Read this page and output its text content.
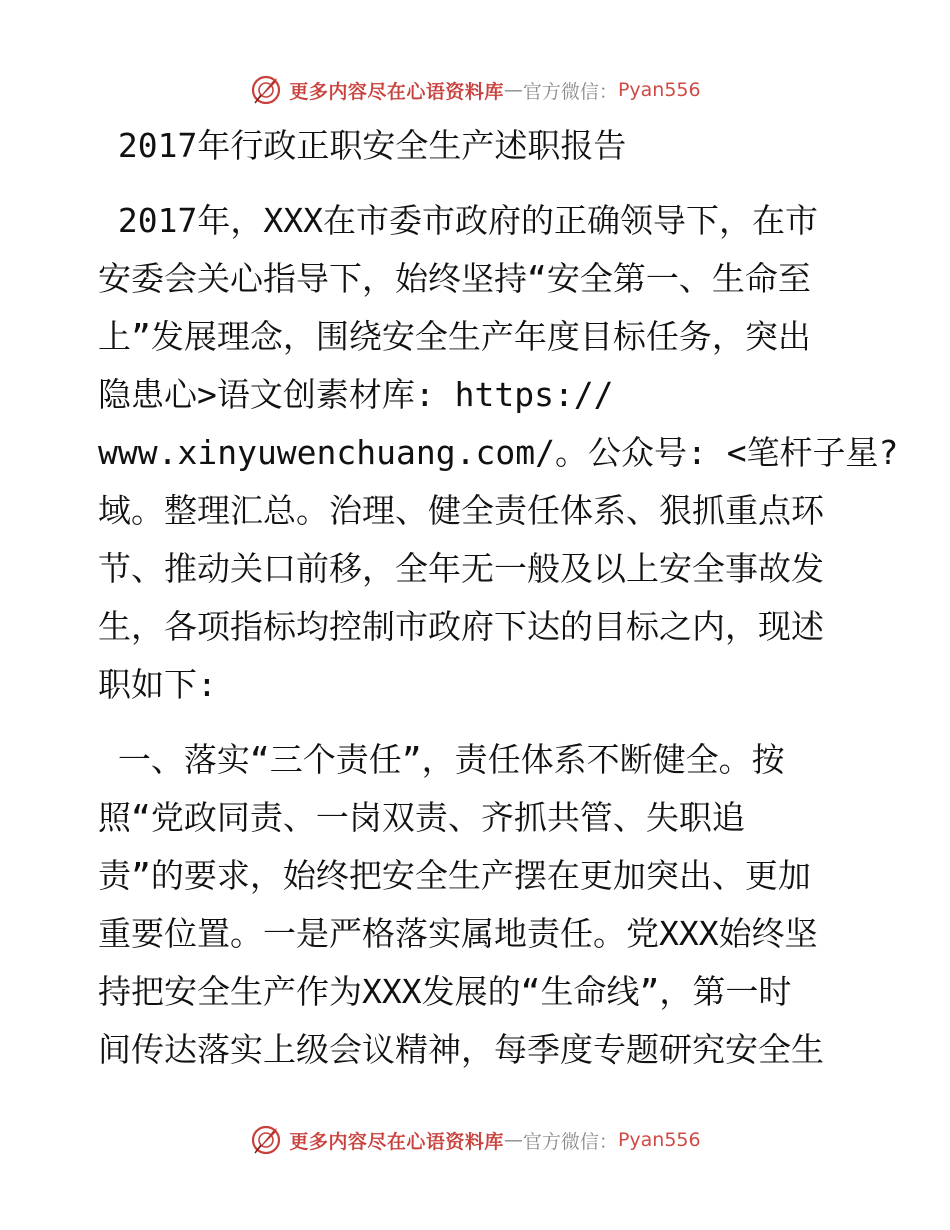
更多内容尽在心语资料库 — 官方微信： Pyan556
2017年行政正职安全生产述职报告
2017年，XXX在市委市政府的正确领导下，在市
安委会关心指导下，始终坚持“安全第一、生命至
上”发展理念，围绕安全生产年度目标任务，突出
隐患心>语文创素材库: https://
www.xinyuwenchuang.com/。公众号: <笔杆子星?
域。整理汇总。治理、健全责任体系、狠抓重点环
节、推动关口前移，全年无一般及以上安全事故发
生，各项指标均控制市政府下达的目标之内，现述
职如下:
一、落实“三个责任”，责任体系不断健全。按
照“党政同责、一岗双责、齐抓共管、失职追
责”的要求，始终把安全生产摆在更加突出、更加
重要位置。一是严格落实属地责任。党XXX始终坚
持把安全生产作为XXX发展的“生命线”，第一时
间传达落实上级会议精神，每季度专题研究安全生
更多内容尽在心语资料库 — 官方微信： Pyan556
